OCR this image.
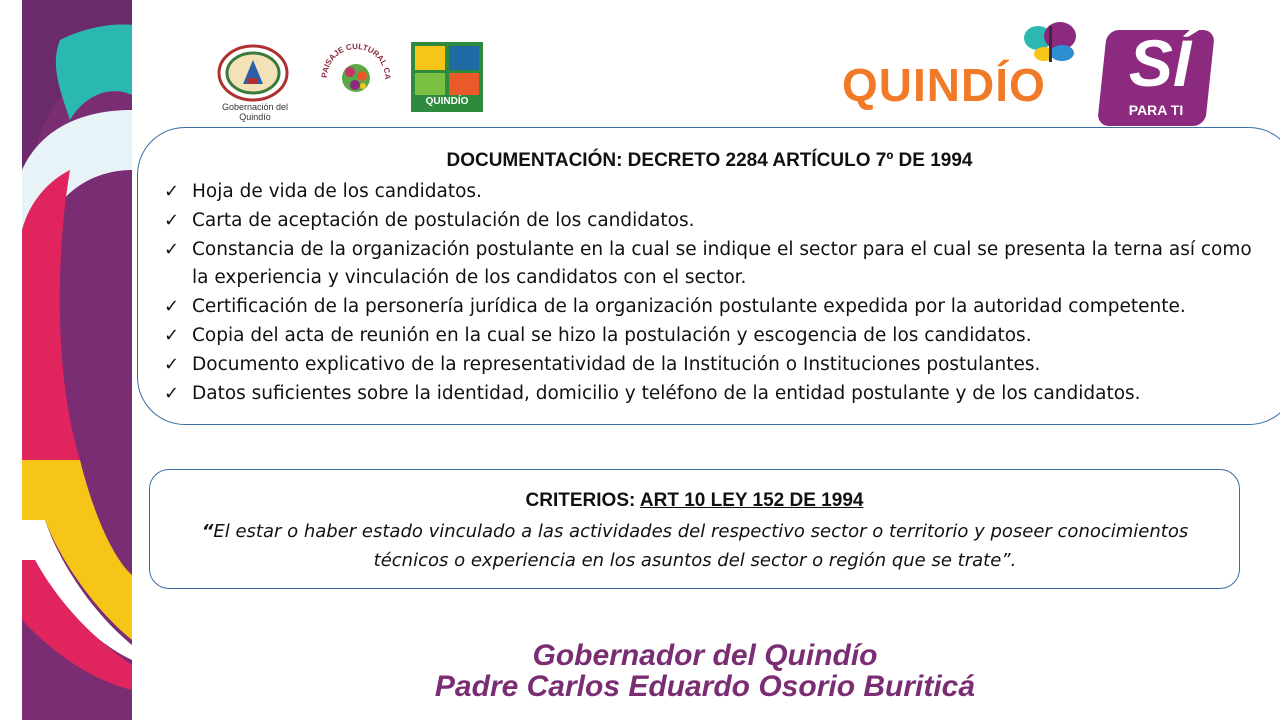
Gobernación del Quindío
PAISAJE CULTURAL CA
QUINDÍO	QUINDÍO SÍ
PARA TI
DOCUMENTACIÓN: DECRETO 2284 ARTÍCULO 7º DE 1994
✓ Hoja de vida de los candidatos.
✓ Carta de aceptación de postulación de los candidatos.
✓ Constancia de la organización postulante en la cual se indique el sector para el cual se presenta la terna así como la experiencia y vinculación de los candidatos con el sector.
✓ Certificación de la personería jurídica de la organización postulante expedida por la autoridad competente.
✓ Copia del acta de reunión en la cual se hizo la postulación y escogencia de los candidatos.
✓ Documento explicativo de la representatividad de la Institución o Instituciones postulantes.
✓ Datos suficientes sobre la identidad, domicilio y teléfono de la entidad postulante y de los candidatos.
CRITERIOS: ART 10 LEY 152 DE 1994
“El estar o haber estado vinculado a las actividades del respectivo sector o territorio y poseer conocimientos técnicos o experiencia en los asuntos del sector o región que se trate”.
Gobernador del Quindío
Padre Carlos Eduardo Osorio Buriticá
